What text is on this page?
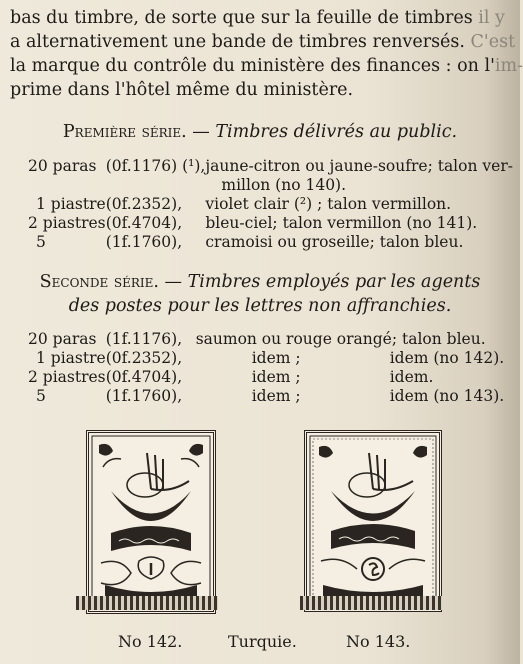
bas du timbre, de sorte que sur la feuille de timbres il y
a alternativement une bande de timbres renversés. C'est
la marque du contrôle du ministère des finances : on l'im-
prime dans l'hôtel même du ministère.
Première série. — Timbres délivrés au public.
20 paras	(0f.1176) (¹),	jaune-citron ou jaune-soufre; talon ver-
		millon (no 140).
1 piastre	(0f.2352),	violet clair (²) ; talon vermillon.
2 piastres	(0f.4704),	bleu-ciel; talon vermillon (no 141).
5	(1f.1760),	cramoisi ou groseille; talon bleu.
Seconde série. — Timbres employés par les agents
des postes pour les lettres non affranchies.
20 paras	(1f.1176),	saumon ou rouge orangé; talon bleu.	
1 piastre	(0f.2352),	idem ;	idem (no 142).
2 piastres	(0f.4704),	idem ;	idem.
5	(1f.1760),	idem ;	idem (no 143).
No 142.	Turquie.	No 143.
